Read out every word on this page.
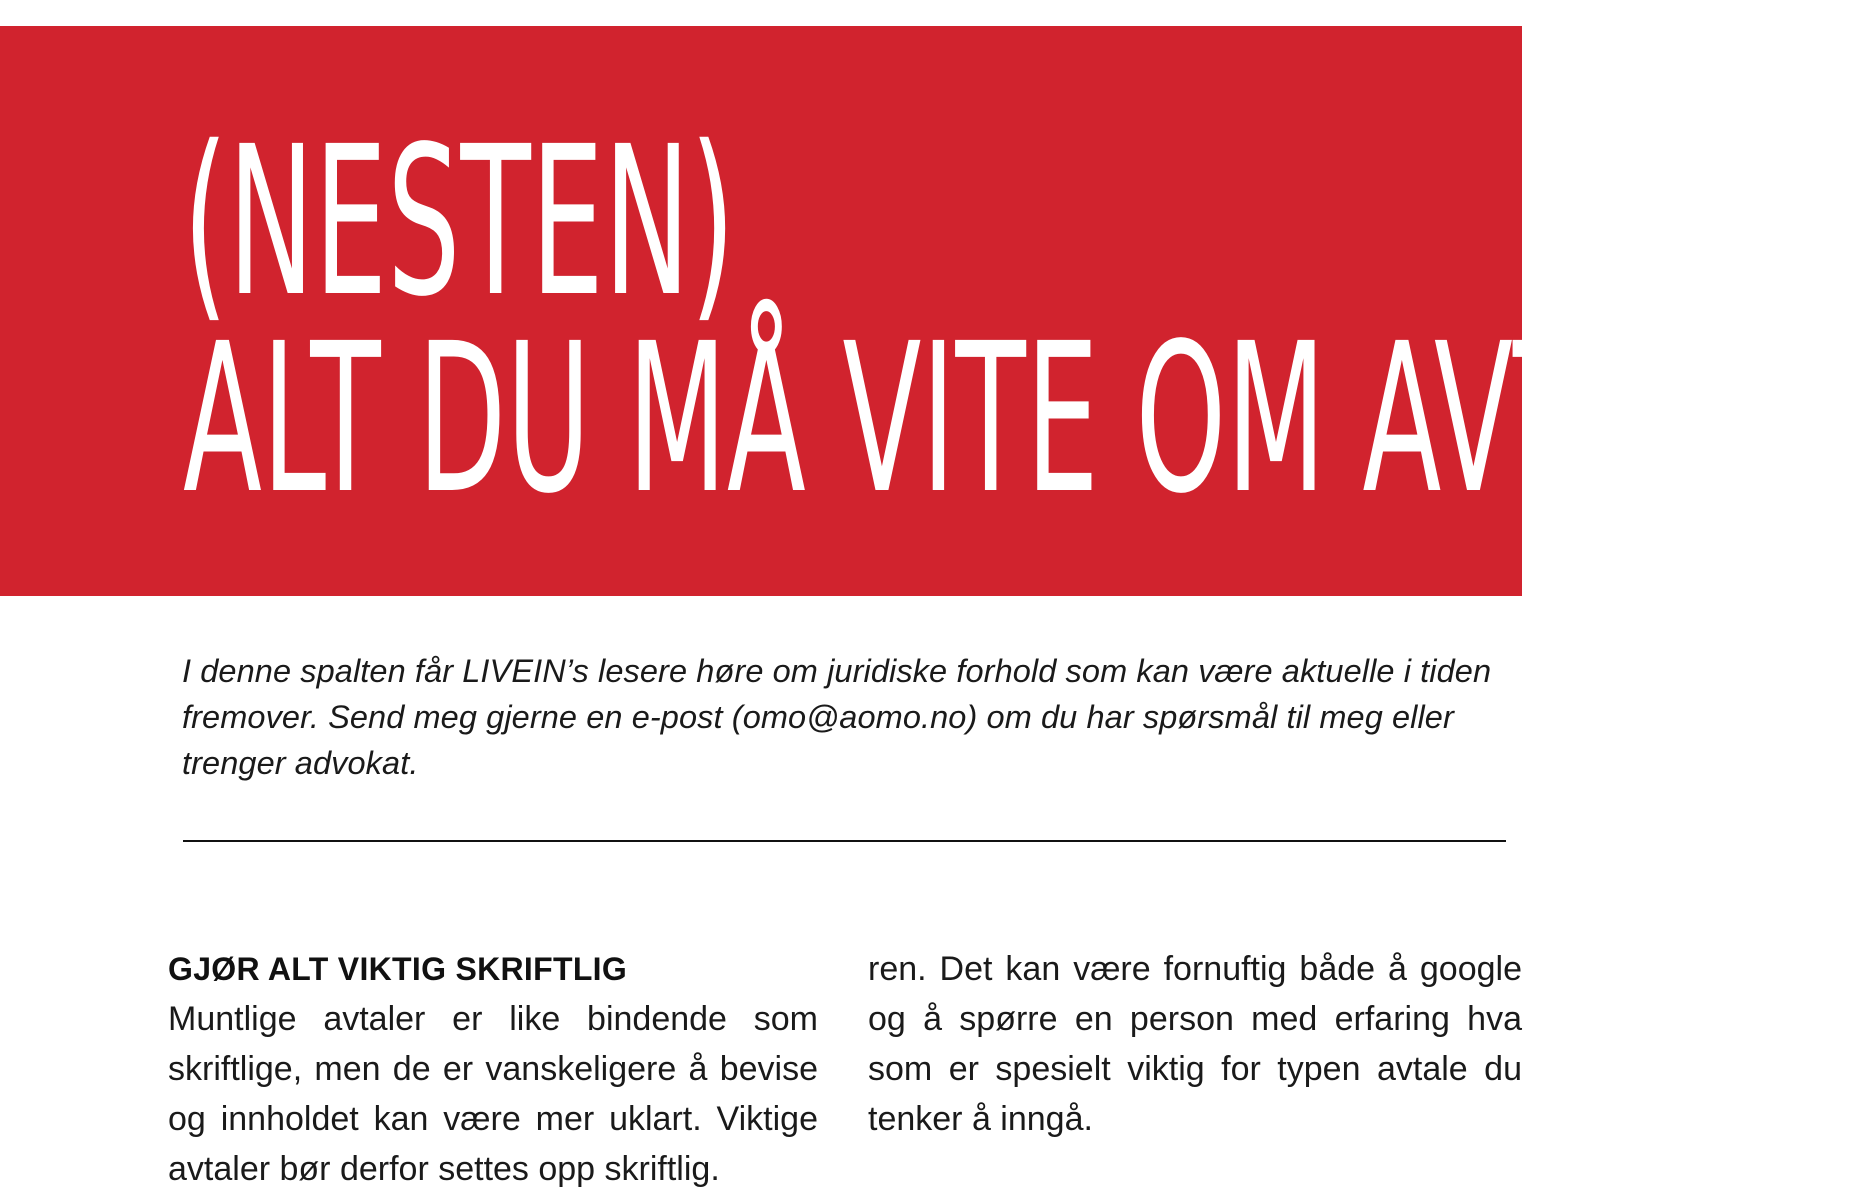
(NESTEN)
ALT DU MÅ VITE OM AVTALER

I denne spalten får LIVEIN’s lesere høre om juridiske forhold som kan være aktuelle i tiden fremover. Send meg gjerne en e-post (omo@aomo.no) om du har spørsmål til meg eller trenger advokat.

GJØR ALT VIKTIG SKRIFTLIG

Muntlige avtaler er like bindende som skriftlige, men de er vanskeligere å bevise og innholdet kan være mer uklart. Viktige avtaler bør derfor settes opp skriftlig.

ren. Det kan være fornuftig både å google og å spørre en person med erfaring hva som er spesielt viktig for typen avtale du tenker å inngå.
